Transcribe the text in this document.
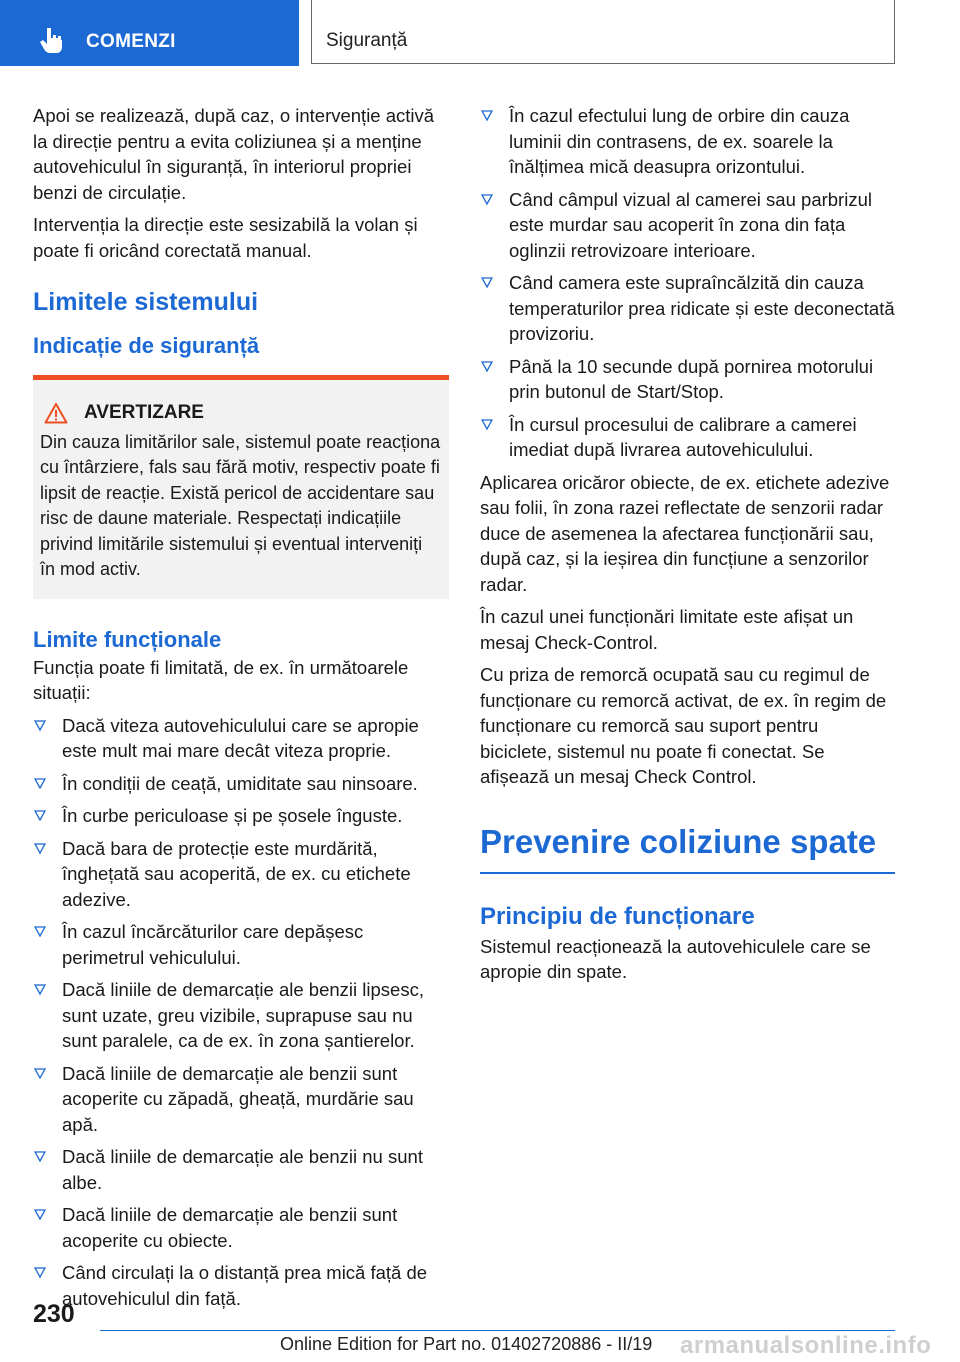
COMENZI	Siguranță

Apoi se realizează, după caz, o intervenție activă la direcție pentru a evita coliziunea și a menține autovehiculul în siguranță, în interiorul propriei benzi de circulație.

Intervenția la direcție este sesizabilă la volan și poate fi oricând corectată manual.

Limitele sistemului
Indicație de siguranță
AVERTIZARE
Din cauza limitărilor sale, sistemul poate reacționa cu întârziere, fals sau fără motiv, respectiv poate fi lipsit de reacție. Există pericol de accidentare sau risc de daune materiale. Respectați indicațiile privind limitările sistemului și eventual interveniți în mod activ.
Limite funcționale

Funcția poate fi limitată, de ex. în următoarele situații:

Dacă viteza autovehiculului care se apropie este mult mai mare decât viteza proprie.
În condiții de ceață, umiditate sau ninsoare.
În curbe periculoase și pe șosele înguste.
Dacă bara de protecție este murdărită, înghețată sau acoperită, de ex. cu etichete adezive.
În cazul încărcăturilor care depășesc perimetrul vehiculului.
Dacă liniile de demarcație ale benzii lipsesc, sunt uzate, greu vizibile, suprapuse sau nu sunt paralele, ca de ex. în zona șantierelor.
Dacă liniile de demarcație ale benzii sunt acoperite cu zăpadă, gheață, murdărie sau apă.
Dacă liniile de demarcație ale benzii nu sunt albe.
Dacă liniile de demarcație ale benzii sunt acoperite cu obiecte.
Când circulați la o distanță prea mică față de autovehiculul din față.
În cazul efectului lung de orbire din cauza luminii din contrasens, de ex. soarele la înălțimea mică deasupra orizontului.
Când câmpul vizual al camerei sau parbrizul este murdar sau acoperit în zona din fața oglinzii retrovizoare interioare.
Când camera este supraîncălzită din cauza temperaturilor prea ridicate și este deconectată provizoriu.
Până la 10 secunde după pornirea motorului prin butonul de Start/Stop.
În cursul procesului de calibrare a camerei imediat după livrarea autovehiculului.

Aplicarea oricăror obiecte, de ex. etichete adezive sau folii, în zona razei reflectate de senzorii radar duce de asemenea la afectarea funcționării sau, după caz, și la ieșirea din funcțiune a senzorilor radar.

În cazul unei funcționări limitate este afișat un mesaj Check-Control.

Cu priza de remorcă ocupată sau cu regimul de funcționare cu remorcă activat, de ex. în regim de funcționare cu remorcă sau suport pentru biciclete, sistemul nu poate fi conectat. Se afișează un mesaj Check Control.

Prevenire coliziune spate
Principiu de funcționare

Sistemul reacționează la autovehiculele care se apropie din spate.

230
Online Edition for Part no. 01402720886 - II/19 armanualsonline.info
